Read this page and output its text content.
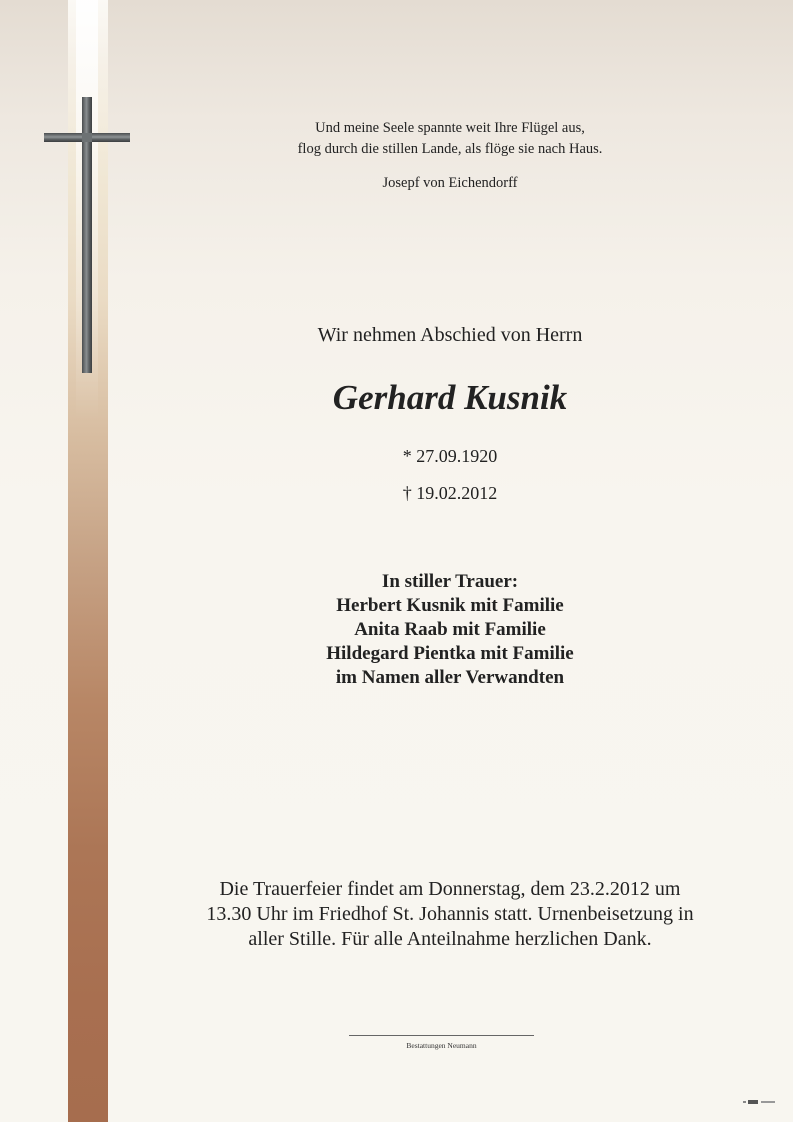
Und meine Seele spannte weit Ihre Flügel aus,
flog durch die stillen Lande, als flöge sie nach Haus.
Josepf von Eichendorff
Wir nehmen Abschied von Herrn
Gerhard Kusnik
* 27.09.1920
† 19.02.2012
In stiller Trauer:
Herbert Kusnik mit Familie
Anita Raab mit Familie
Hildegard Pientka mit Familie
im Namen aller Verwandten
Die Trauerfeier findet am Donnerstag, dem 23.2.2012 um
13.30 Uhr im Friedhof St. Johannis statt. Urnenbeisetzung in
aller Stille. Für alle Anteilnahme herzlichen Dank.
Bestattungen Neumann
